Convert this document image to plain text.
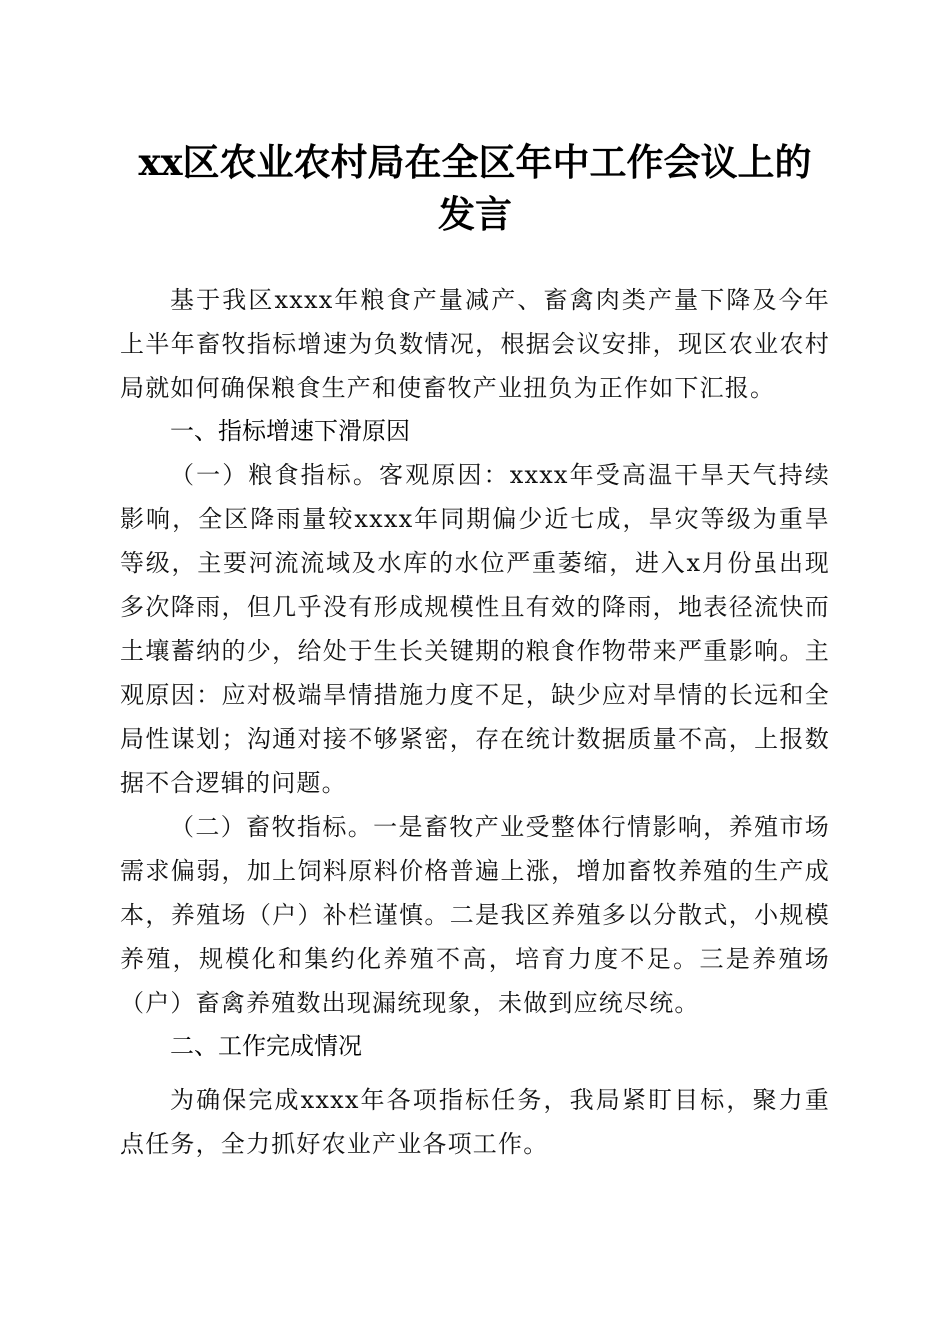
xx区农业农村局在全区年中工作会议上的发言

基于我区xxxx年粮食产量减产、畜禽肉类产量下降及今年上半年畜牧指标增速为负数情况，根据会议安排，现区农业农村局就如何确保粮食生产和使畜牧产业扭负为正作如下汇报。

一、指标增速下滑原因

（一）粮食指标。客观原因：xxxx年受高温干旱天气持续影响，全区降雨量较xxxx年同期偏少近七成，旱灾等级为重旱等级，主要河流流域及水库的水位严重萎缩，进入x月份虽出现多次降雨，但几乎没有形成规模性且有效的降雨，地表径流快而土壤蓄纳的少，给处于生长关键期的粮食作物带来严重影响。主观原因：应对极端旱情措施力度不足，缺少应对旱情的长远和全局性谋划；沟通对接不够紧密，存在统计数据质量不高，上报数据不合逻辑的问题。

（二）畜牧指标。一是畜牧产业受整体行情影响，养殖市场需求偏弱，加上饲料原料价格普遍上涨，增加畜牧养殖的生产成本，养殖场（户）补栏谨慎。二是我区养殖多以分散式，小规模养殖，规模化和集约化养殖不高，培育力度不足。三是养殖场（户）畜禽养殖数出现漏统现象，未做到应统尽统。

二、工作完成情况

为确保完成xxxx年各项指标任务，我局紧盯目标，聚力重点任务，全力抓好农业产业各项工作。
